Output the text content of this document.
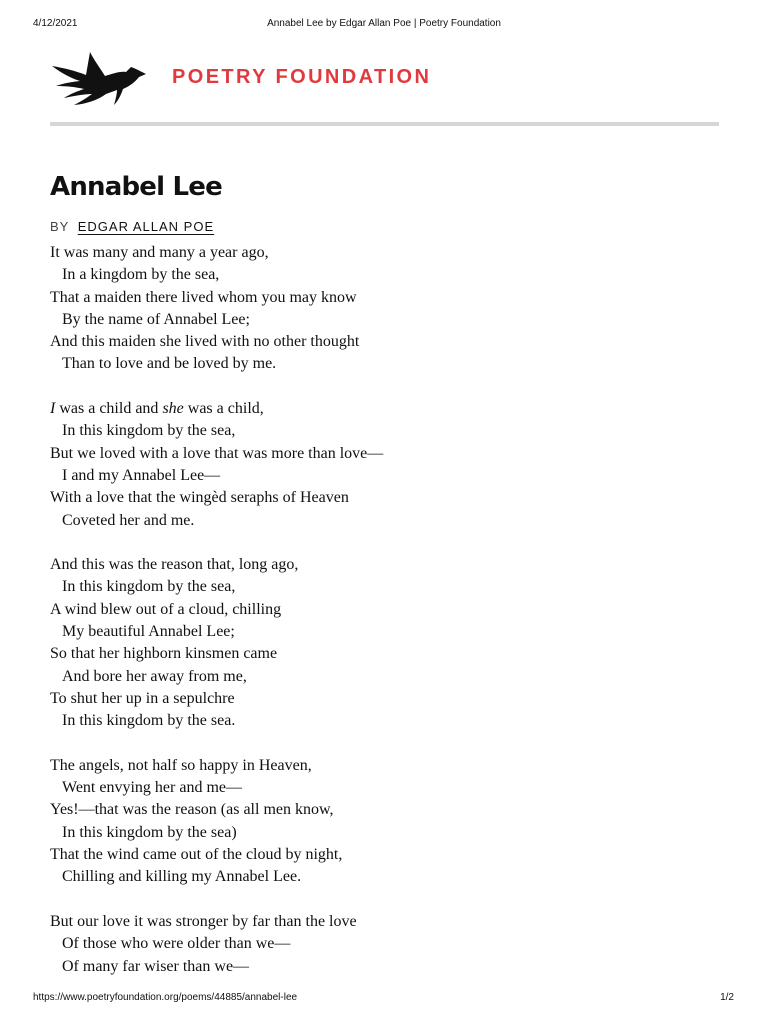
4/12/2021	Annabel Lee by Edgar Allan Poe | Poetry Foundation
POETRY FOUNDATION
Annabel Lee
BY EDGAR ALLAN POE
It was many and many a year ago,
In a kingdom by the sea,
That a maiden there lived whom you may know
By the name of Annabel Lee;
And this maiden she lived with no other thought
Than to love and be loved by me.
I was a child and she was a child,
In this kingdom by the sea,
But we loved with a love that was more than love—
I and my Annabel Lee—
With a love that the wingèd seraphs of Heaven
Coveted her and me.
And this was the reason that, long ago,
In this kingdom by the sea,
A wind blew out of a cloud, chilling
My beautiful Annabel Lee;
So that her highborn kinsmen came
And bore her away from me,
To shut her up in a sepulchre
In this kingdom by the sea.
The angels, not half so happy in Heaven,
Went envying her and me—
Yes!—that was the reason (as all men know,
In this kingdom by the sea)
That the wind came out of the cloud by night,
Chilling and killing my Annabel Lee.
But our love it was stronger by far than the love
Of those who were older than we—
Of many far wiser than we—
https://www.poetryfoundation.org/poems/44885/annabel-lee	1/2
